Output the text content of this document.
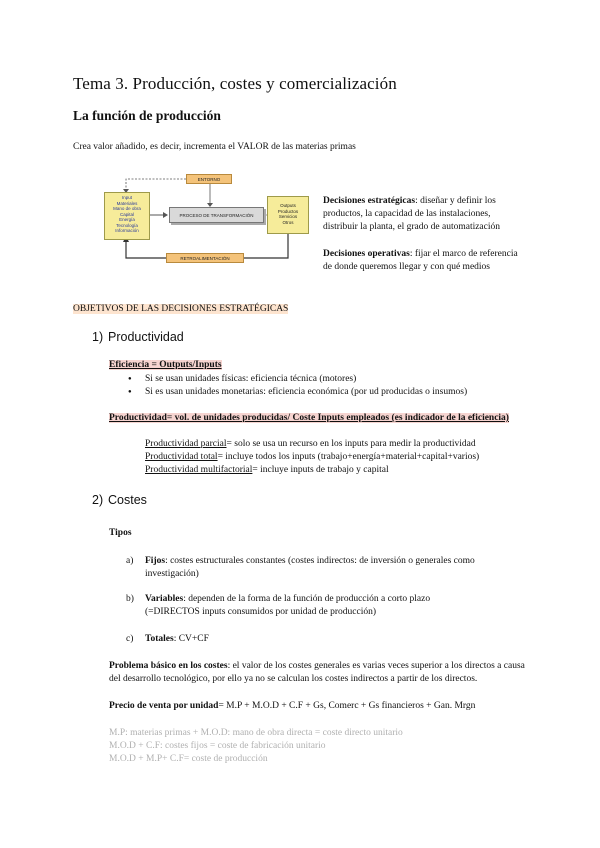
Tema 3. Producción, costes y comercialización
La función de producción
Crea valor añadido, es decir, incrementa el VALOR de las materias primas
ENTORNO
Input
Materiales
Mano de obra
Capital
Energía
Tecnología
Información
PROCESO DE TRANSFORMACIÓN
Outputs
Productos
Servicios
Otros
RETROALIMENTACIÓN
Decisiones estratégicas: diseñar y definir los productos, la capacidad de las instalaciones, distribuir la planta, el grado de automatización
Decisiones operativas: fijar el marco de referencia de donde queremos llegar y con qué medios
OBJETIVOS DE LAS DECISIONES ESTRATÉGICAS
1) Productividad
Eficiencia = Outputs/Inputs
● Si se usan unidades físicas: eficiencia técnica (motores)
● Si es usan unidades monetarias: eficiencia económica (por ud producidas o insumos)
Productividad= vol. de unidades producidas/ Coste Inputs empleados (es indicador de la eficiencia)
Productividad parcial= solo se usa un recurso en los inputs para medir la productividad
Productividad total= incluye todos los inputs (trabajo+energía+material+capital+varios)
Productividad multifactorial= incluye inputs de trabajo y capital
2) Costes
Tipos
a) Fijos: costes estructurales constantes (costes indirectos: de inversión o generales como investigación)
b) Variables: dependen de la forma de la función de producción a corto plazo (=DIRECTOS inputs consumidos por unidad de producción)
c) Totales: CV+CF
Problema básico en los costes: el valor de los costes generales es varias veces superior a los directos a causa del desarrollo tecnológico, por ello ya no se calculan los costes indirectos a partir de los directos.
Precio de venta por unidad= M.P + M.O.D + C.F + Gs, Comerc + Gs financieros + Gan. Mrgn
M.P: materias primas + M.O.D: mano de obra directa = coste directo unitario
M.O.D + C.F: costes fijos = coste de fabricación unitario
M.O.D + M.P+ C.F= coste de producción
